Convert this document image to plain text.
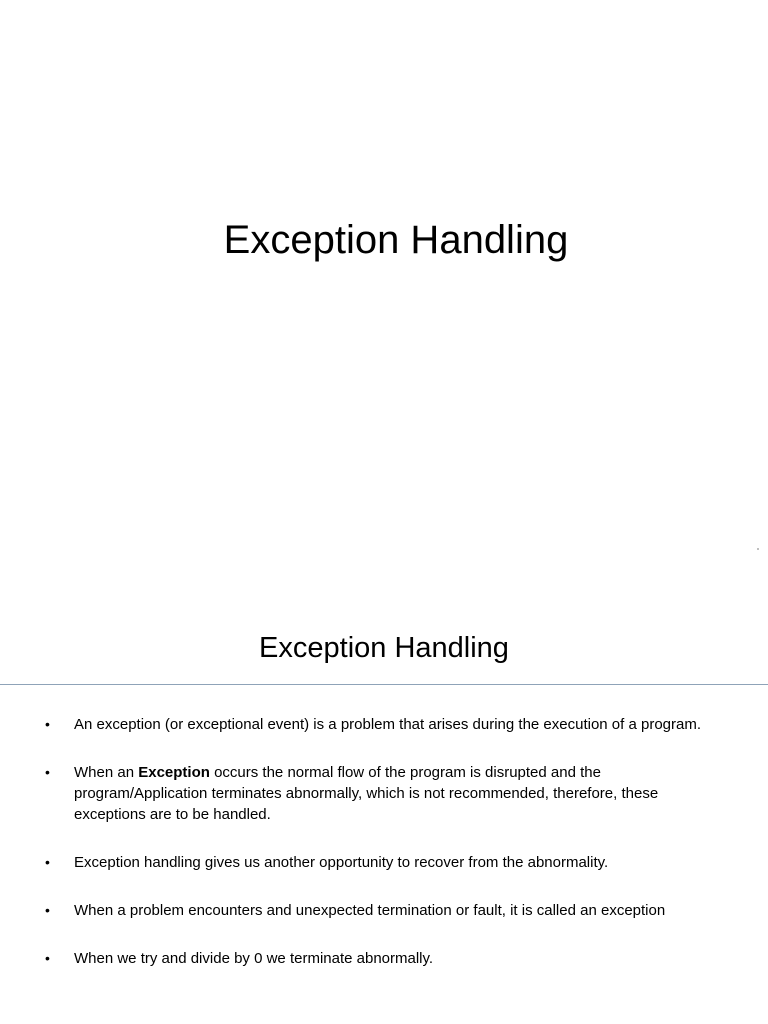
Exception Handling
Exception Handling
•	An exception (or exceptional event) is a problem that arises during the execution of a program.
•	When an Exception occurs the normal flow of the program is disrupted and the program/Application terminates abnormally, which is not recommended, therefore, these exceptions are to be handled.
•	Exception handling gives us another opportunity to recover from the abnormality.
•	When a problem encounters and unexpected termination or fault, it is called an exception
•	When we try and divide by 0 we terminate abnormally.
